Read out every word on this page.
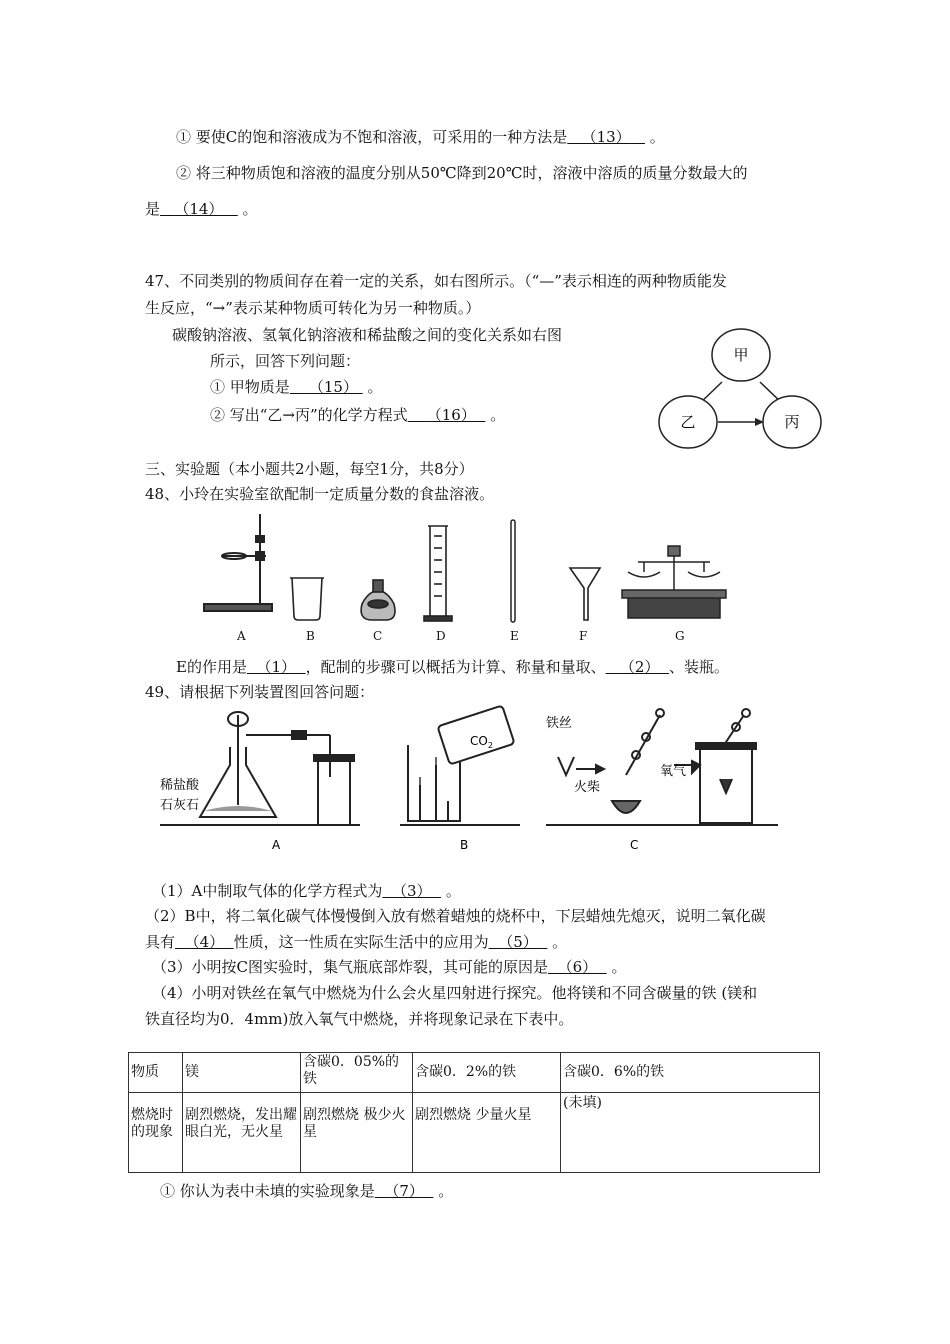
① 要使C的饱和溶液成为不饱和溶液，可采用的一种方法是 （13） 。
② 将三种物质饱和溶液的温度分别从50℃降到20℃时，溶液中溶质的质量分数最大的
是 （14） 。
47、不同类别的物质间存在着一定的关系，如右图所示。（“—”表示相连的两种物质能发
生反应，“→”表示某种物质可转化为另一种物质。）
碳酸钠溶液、氢氧化钠溶液和稀盐酸之间的变化关系如右图
所示，回答下列问题：
① 甲物质是 （15） 。
② 写出“乙→丙”的化学方程式 （16） 。
甲
乙	丙
三、实验题（本小题共2小题，每空1分，共8分）
48、小玲在实验室欲配制一定质量分数的食盐溶液。
A	B	C	D	E	F	G
E的作用是 （1） ，配制的步骤可以概括为计算、称量和量取、 （2） 、装瓶。
49、请根据下列装置图回答问题：
稀盐酸
石灰石
A
$CO_2$
B
铁丝
火柴
氧气
C
（1）A中制取气体的化学方程式为 （3） 。
（2）B中，将二氧化碳气体慢慢倒入放有燃着蜡烛的烧杯中，下层蜡烛先熄灭，说明二氧化碳
具有 （4） 性质，这一性质在实际生活中的应用为 （5） 。
（3）小明按C图实验时，集气瓶底部炸裂，其可能的原因是 （6） 。
（4）小明对铁丝在氧气中燃烧为什么会火星四射进行探究。他将镁和不同含碳量的铁 (镁和
铁直径均为0．4mm)放入氧气中燃烧，并将现象记录在下表中。
物质	镁	含碳0．05%的铁	含碳0．2%的铁	含碳0．6%的铁
燃烧时的现象	剧烈燃烧，发出耀眼白光，无火星	剧烈燃烧 极少火星	剧烈燃烧 少量火星	(未填)
① 你认为表中未填的实验现象是 （7） 。
